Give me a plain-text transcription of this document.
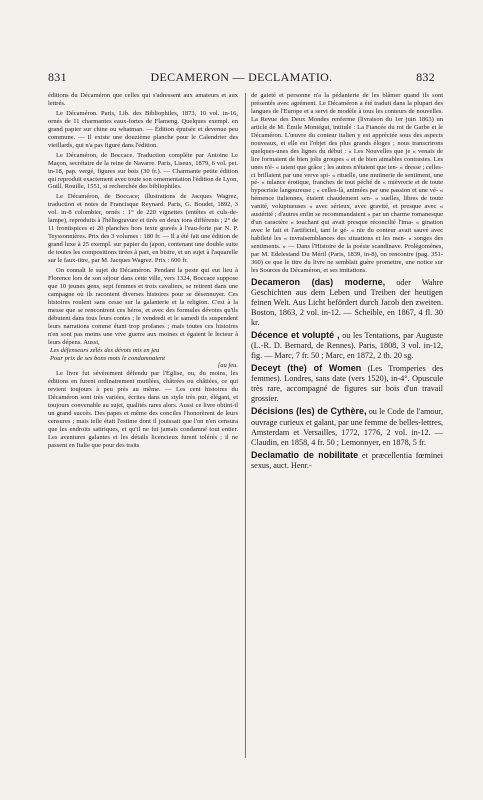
831	DECAMERON — DECLAMATIO.	832

éditions du Décaméron que celles qui s'adressent aux amateurs et aux lettrés.

Le Décaméron. Paris, Lib. des Bibliophiles, 1873, 10 vol. in-16, ornés de 11 charmantes eaux-fortes de Flameng. Quelques exempl. en grand papier sur chine ou whatman. — Édition épuisée et devenue peu commune. — Il existe une douzième planche pour le Calendrier des vieillards, qui n'a pas figuré dans l'édition.

Le Décaméron, de Boccace. Traduction complète par Antoine Le Maçon, secrétaire de la reine de Navarre. Paris, Liseux, 1879, 6 vol. pet. in-18, pap. vergé, figures sur bois (30 fr.). — Charmante petite édition qui reproduit exactement avec toute son ornementation l'édition de Lyon, Guill. Rouille, 1551, si recherchée des bibliophiles.

Le Décaméron, de Boccace; illustrations de Jacques Wagrez, traduction et notes de Francisque Reynard. Paris, G. Boudet, 1892, 3 vol. in-8 colombier, ornés : 1° de 220 vignettes (entêtes et culs-de-lampe), reproduits à l'héliogravure et tirés en deux tons différents ; 2° de 11 frontispices et 20 planches hors texte gravés à l'eau-forte par N. P. Teyssonnières. Prix des 3 volumes : 180 fr. — Il a été fait une édition de grand luxe à 25 exempl. sur papier du japon, contenant une double suite de toutes les compositions tirées à part, en bistre, et un sujet à l'aquarelle sur le faux-titre, par M. Jacques Wagrez. Prix : 600 fr.

On connaît le sujet du Décaméron. Pendant la peste qui eut lieu à Florence lors de son séjour dans cette ville, vers 1324, Boccace suppose que 10 jeunes gens, sept femmes et trois cavaliers, se retirent dans une campagne où ils racontent diverses histoires pour se désennuyer. Ces histoires roulent sans cesse sur la galanterie et la religion. C'est à la messe que se rencontrent ces héros, et avec des formules dévotes qu'ils débutent dans tous leurs contes ; le vendredi et le samedi ils suspendent leurs narrations comme étant trop profanes ; mais toutes ces histoires n'en sont pas moins une vive guerre aux moines et égaient le lecteur à leurs dépens. Aussi,

Les défenseurs zélés des dévots mis en jeu

Pour prix de ses bons mots le condamnaient

[au feu.

Le livre fut sévèrement défendu par l'Église, ou, du moins, les éditions en furent ordinairement mutilées, châtrées ou châtiées, ce qui revient toujours à peu près au même. — Les cent histoires du Décaméron sont très variées, écrites dans un style très pur, élégant, et toujours convenable au sujet, qualités rares alors. Aussi ce livre obtint-il un grand succès. Des papes et même des conciles l'honorèrent de leurs censures ; mais telle était l'estime dont il jouissait que l'on n'en censura que les endroits satiriques, et qu'il ne fut jamais condamné tout entier. Les aventures galantes et les détails licencieux furent tolérés ; il ne passent en Italie que pour des traits

de gaieté et personne n'a la pédanterie de les blâmer quand ils sont présentés avec agrément. Le Décaméron a été traduit dans la plupart des langues de l'Europe et a servi de modèle à tous les conteurs de nouvelles. La Revue des Deux Mondes renferme (livraison du 1er juin 1863) un article de M. Émile Montégut, intitulé : La Fiancée du roi de Garbe et le Décaméron. L'œuvre du conteur italien y est appréciée sous des aspects nouveaux, et elle est l'objet des plus grands éloges ; nous transcrirons quelques-unes des lignes du début : « Les Nouvelles que je « venais de lire formaient de bien jolis groupes « et de bien aimables contrastes. Les unes n'é- « taient que grâce ; les autres n'étaient que ten- « dresse ; celles-ci brillaient par une verve spi- « rituelle, une mutinerie de sentiment, une pé- « tulance érotique, franches de tout péché de « mièvrerie et de toute hypocrisie langoureuse ; « celles-là, animées par une passion et une vé- « hémence italiennes, étaient chaudement sen- « suelles, libres de toute vanité, voluptueuses « avec sérieux, avec gravité, et presque avec « austérité ; d'autres enfin se recommandaient « par un charme romanesque d'un caractère « touchant qui avait presque réconcilié l'ima- « gination avec le fait et l'artificiel, tant le gé- « nie du conteur avait sauvé avec habileté les « invraisemblances des situations et les men- « songes des sentiments. » — Dans l'Histoire de la poésie scandinave. Prolégomènes, par M. Edelestand Du Méril (Paris, 1839, in-8), on rencontre (pag. 351-360) ce que le titre du livre ne semblait guère promettre, une notice sur les Sources du Décaméron, et ses imitations.

Decameron (das) moderne, oder Wahre Geschichten aus dem Leben und Treiben der heutigen feinen Welt. Aus Licht befördert durch Jacob den zweiten. Boston, 1863, 2 vol. in-12. — Scheible, en 1867, 4 fl. 30 kr.

Décence et volupté , ou les Tentations, par Auguste (L.-R. D. Bernard, de Rennes). Paris, 1808, 3 vol. in-12, fig. — Marc, 7 fr. 50 ; Marc, en 1872, 2 th. 20 sg.

Deceyt (the) of Women (Les Tromperies des femmes). Londres, sans date (vers 1520), in-4°. Opuscule très rare, accompagné de figures sur bois d'un travail grossier.

Décisions (les) de Cythère, ou le Code de l'amour, ouvrage curieux et galant, par une femme de belles-lettres, Amsterdam et Versailles, 1772, 1776, 2 vol. in-12. — Claudin, en 1858, 4 fr. 50 ; Lemonnyer, en 1878, 5 fr.

Declamatio de nobilitate et præcellentia fœminei sexus, auct. Henr.-
